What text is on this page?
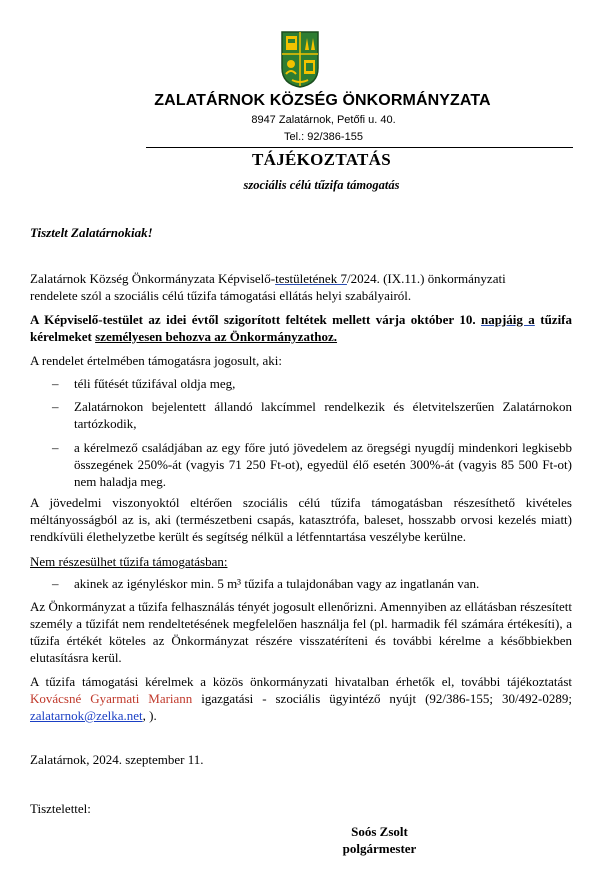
ZALATÁRNOK KÖZSÉG ÖNKORMÁNYZATA
8947 Zalatárnok, Petőfi u. 40.
Tel.: 92/386-155
TÁJÉKOZTATÁS
szociális célú tűzifa támogatás
Tisztelt Zalatárnokiak!
Zalatárnok Község Önkormányzata Képviselő-testületének 7/2024. (IX.11.) önkormányzati
rendelete szól a szociális célú tűzifa támogatási ellátás helyi szabályairól.
A Képviselő-testület az idei évtől szigorított feltétek mellett várja október 10. napjáig a tűzifa kérelmeket személyesen behozva az Önkormányzathoz.
A rendelet értelmében támogatásra jogosult, aki:
– téli fűtését tűzifával oldja meg,
– Zalatárnokon bejelentett állandó lakcímmel rendelkezik és életvitelszerűen Zalatárnokon tartózkodik,
– a kérelmező családjában az egy főre jutó jövedelem az öregségi nyugdíj mindenkori legkisebb összegének 250%-át (vagyis 71 250 Ft-ot), egyedül élő esetén 300%-át (vagyis 85 500 Ft-ot) nem haladja meg.
A jövedelmi viszonyoktól eltérően szociális célú tűzifa támogatásban részesíthető kivételes méltányosságból az is, aki (természetbeni csapás, katasztrófa, baleset, hosszabb orvosi kezelés miatt) rendkívüli élethelyzetbe került és segítség nélkül a létfenntartása veszélybe kerülne.
Nem részesülhet tűzifa támogatásban:
– akinek az igényléskor min. 5 m³ tűzifa a tulajdonában vagy az ingatlanán van.
Az Önkormányzat a tűzifa felhasználás tényét jogosult ellenőrizni. Amennyiben az ellátásban részesített személy a tűzifát nem rendeltetésének megfelelően használja fel (pl. harmadik fél számára értékesíti), a tűzifa értékét köteles az Önkormányzat részére visszatéríteni és további kérelme a későbbiekben elutasításra kerül.
A tűzifa támogatási kérelmek a közös önkormányzati hivatalban érhetők el, további tájékoztatást Kovácsné Gyarmati Mariann igazgatási - szociális ügyintéző nyújt (92/386-155; 30/492-0289; zalatarnok@zelka.net, ).
Zalatárnok, 2024. szeptember 11.
Tisztelettel:
Soós Zsolt
polgármester
